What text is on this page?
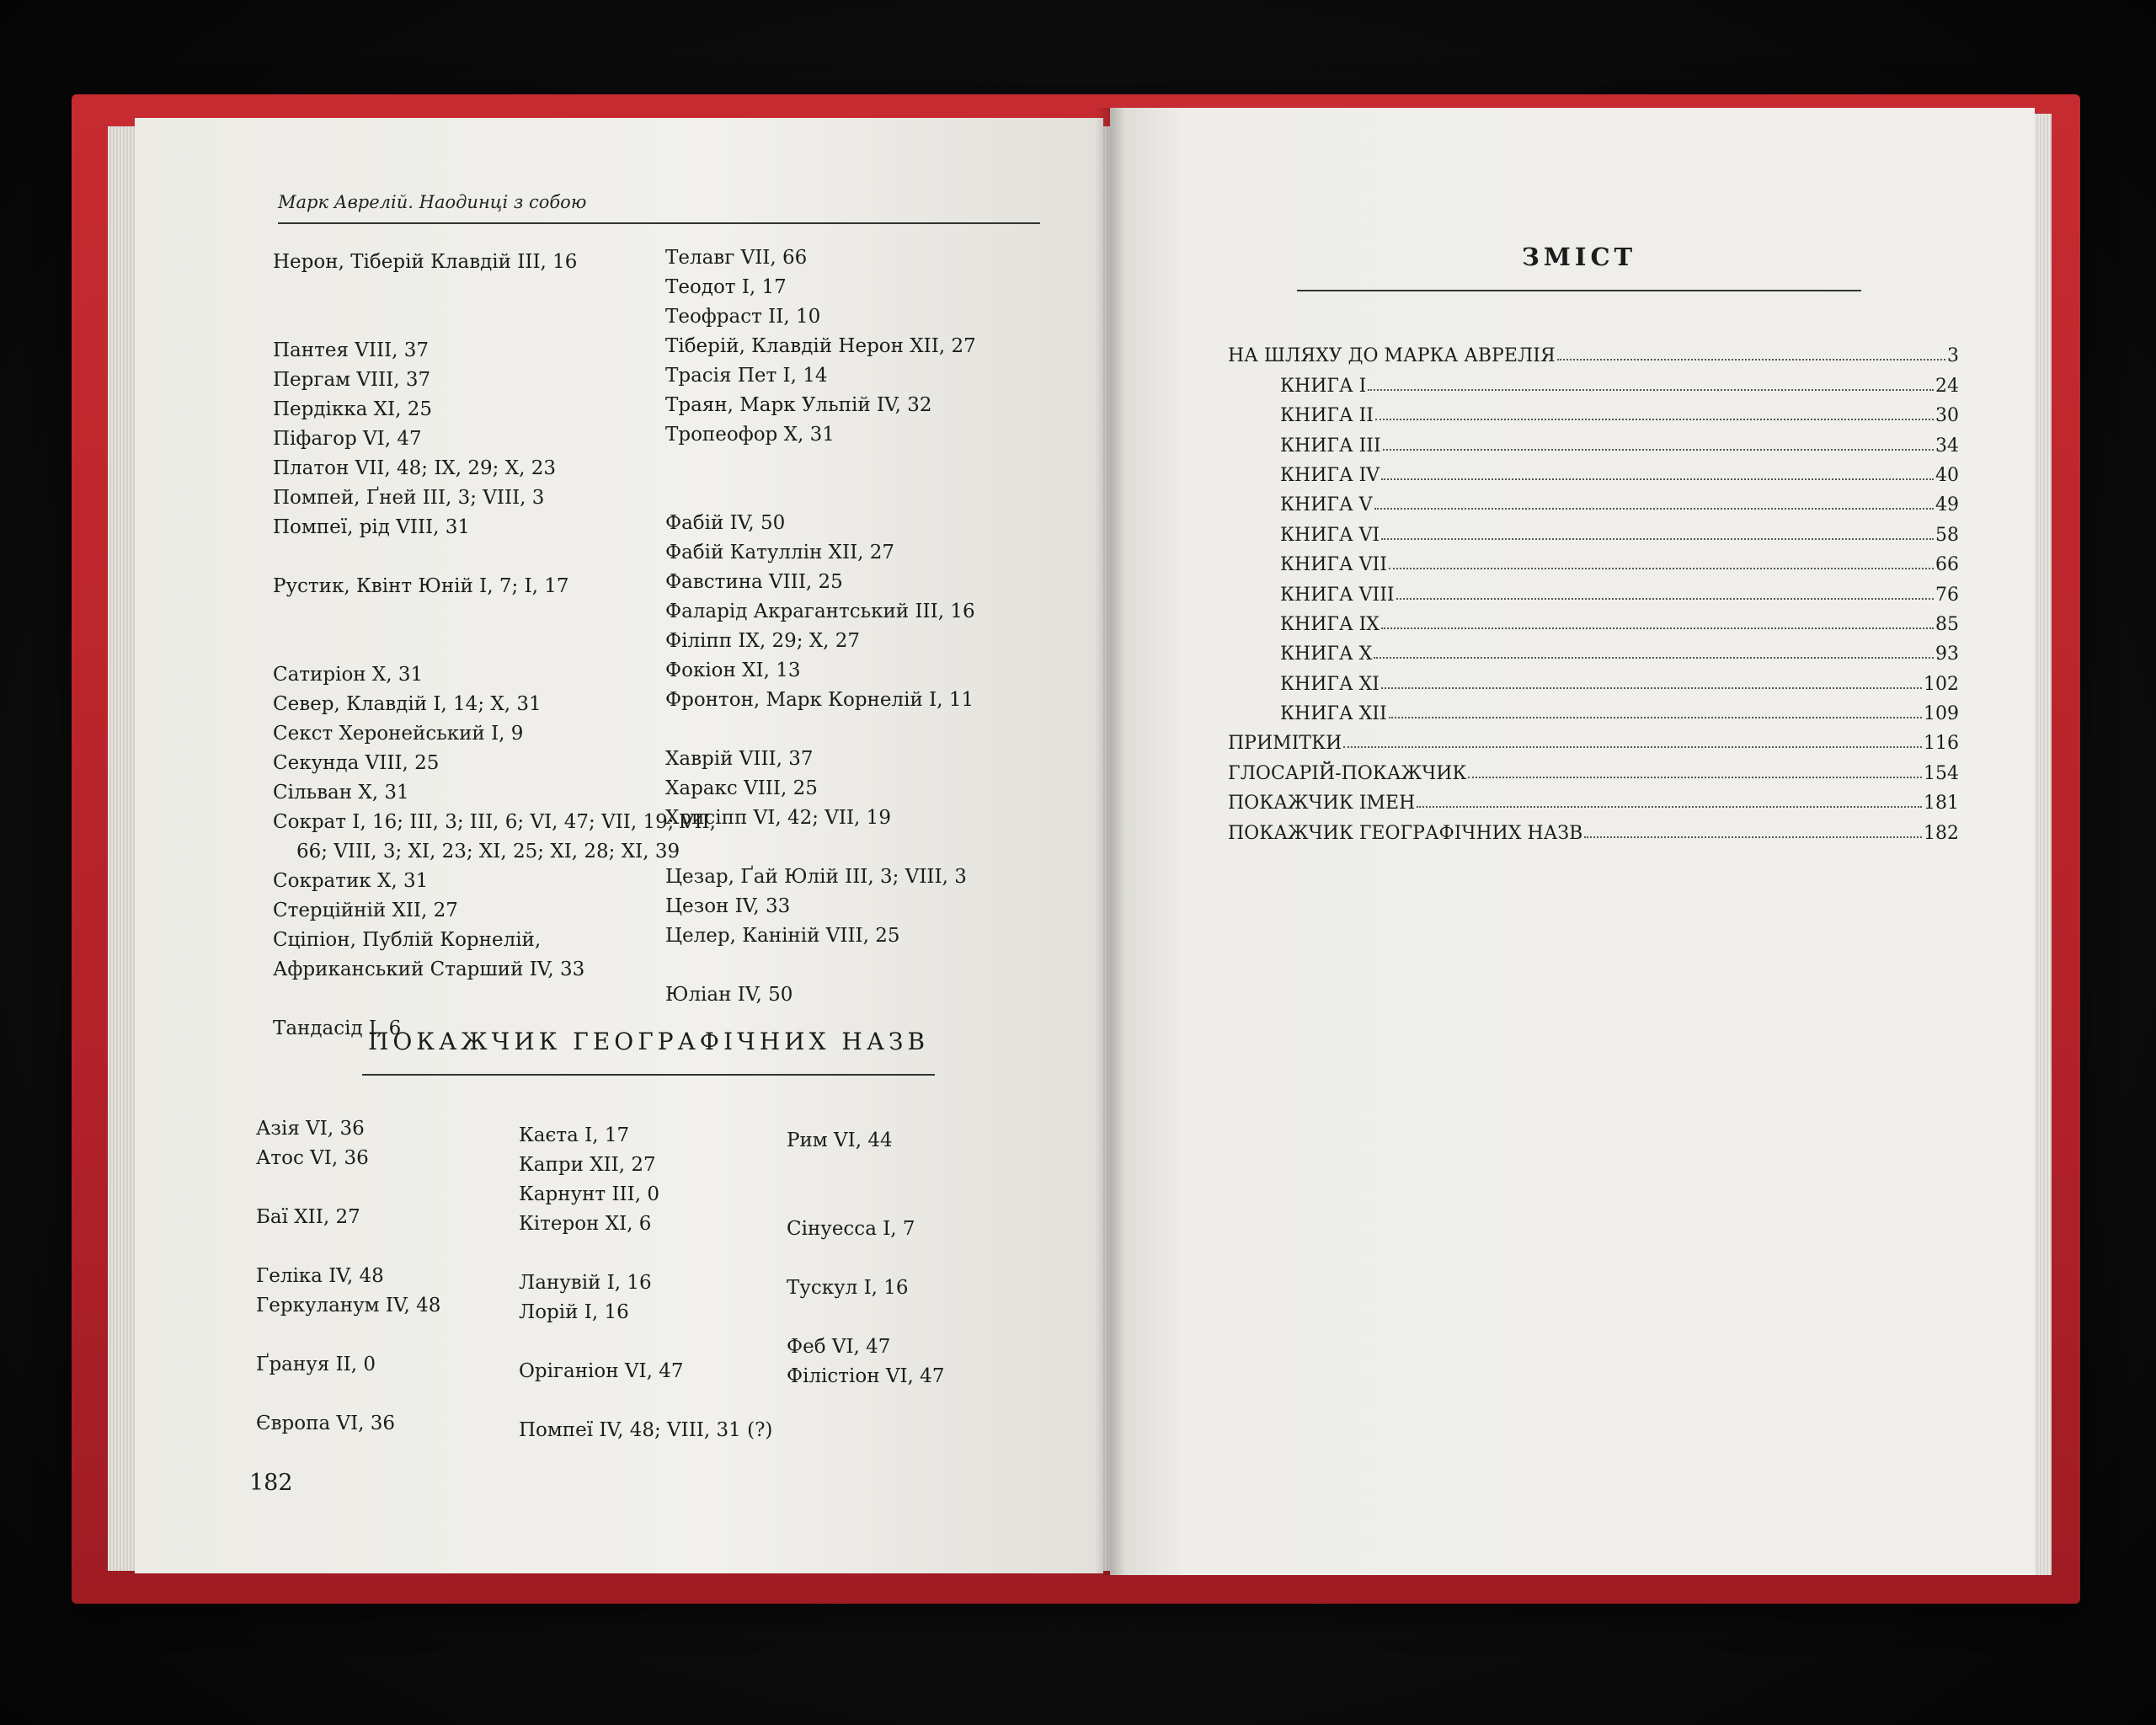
Марк Аврелій. Наодинці з собою
Нерон, Тіберій Клавдій III, 16
Пантея VIII, 37
Пергам VIII, 37
Пердікка XI, 25
Піфагор VI, 47
Платон VII, 48; IX, 29; X, 23
Помпей, Ґней III, 3; VIII, 3
Помпеї, рід VIII, 31
Рустик, Квінт Юній I, 7; I, 17
Сатиріон X, 31
Север, Клавдій I, 14; X, 31
Секст Херонейський I, 9
Секунда VIII, 25
Сільван X, 31
Сократ I, 16; III, 3; III, 6; VI, 47; VII, 19; VII,
66; VIII, 3; XI, 23; XI, 25; XI, 28; XI, 39
Сократик X, 31
Стерційній XII, 27
Сціпіон, Публій Корнелій,
Африканський Старший IV, 33
Тандасід I, 6
Телавг VII, 66
Теодот I, 17
Теофраст II, 10
Тіберій, Клавдій Нерон XII, 27
Трасія Пет I, 14
Траян, Марк Ульпій IV, 32
Тропеофор X, 31
Фабій IV, 50
Фабій Катуллін XII, 27
Фавстина VIII, 25
Фаларід Акрагантський III, 16
Філіпп IX, 29; X, 27
Фокіон XI, 13
Фронтон, Марк Корнелій I, 11
Хаврій VIII, 37
Харакс VIII, 25
Хрисіпп VI, 42; VII, 19
Цезар, Ґай Юлій III, 3; VIII, 3
Цезон IV, 33
Целер, Каніній VIII, 25
Юліан IV, 50
ПОКАЖЧИК ГЕОГРАФІЧНИХ НАЗВ
Азія VI, 36
Атос VI, 36
Баї XII, 27
Геліка IV, 48
Геркуланум IV, 48
Ґрануя II, 0
Європа VI, 36
Каєта I, 17
Капри XII, 27
Карнунт III, 0
Кітерон XI, 6
Ланувій I, 16
Лорій I, 16
Оріганіон VI, 47
Помпеї IV, 48; VIII, 31 (?)
Рим VI, 44
Сінуесса I, 7
Тускул I, 16
Феб VI, 47
Філістіон VI, 47
182
ЗМІСТ
НА ШЛЯХУ ДО МАРКА АВРЕЛІЯ	3
КНИГА I	24
КНИГА II	30
КНИГА III	34
КНИГА IV	40
КНИГА V	49
КНИГА VI	58
КНИГА VII	66
КНИГА VIII	76
КНИГА IX	85
КНИГА X	93
КНИГА XI	102
КНИГА XII	109
ПРИМІТКИ	116
ГЛОСАРІЙ-ПОКАЖЧИК	154
ПОКАЖЧИК ІМЕН	181
ПОКАЖЧИК ГЕОГРАФІЧНИХ НАЗВ	182
